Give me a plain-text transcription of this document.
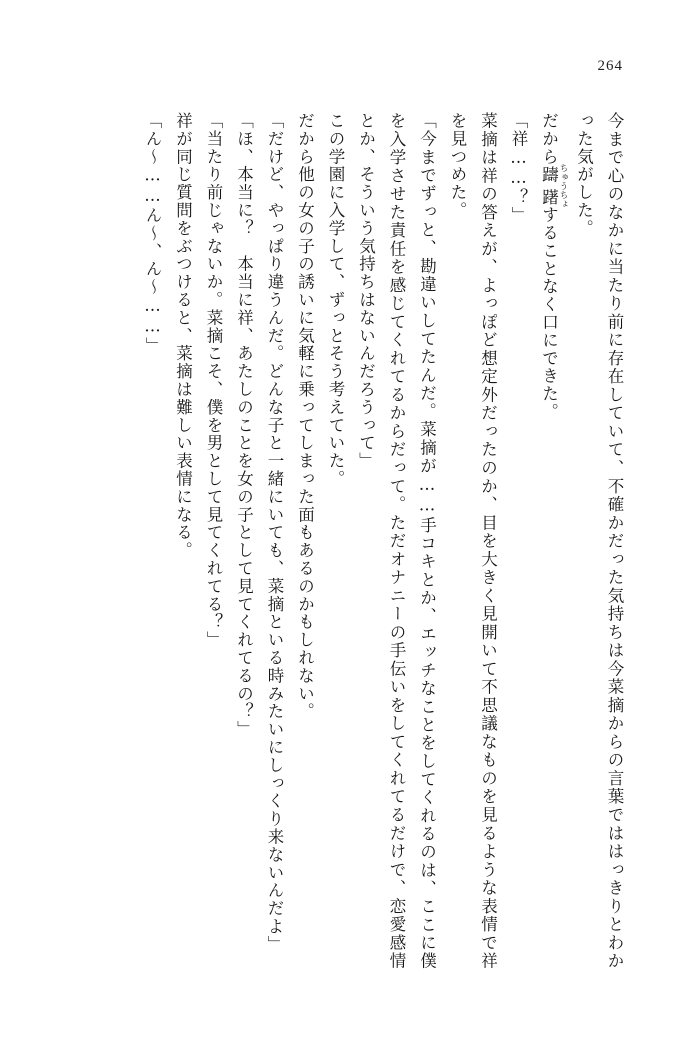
264

今まで心のなかに当たり前に存在していて、不確かだった気持ちは今菜摘からの言葉でははっきりとわかった気がした。

だから躊躇 ちゅうちょすることなく口にできた。

「祥……？」

菜摘は祥の答えが、よっぽど想定外だったのか、目を大きく見開いて不思議なものを見るような表情で祥を見つめた。

「今までずっと、勘違いしてたんだ。菜摘が……手コキとか、エッチなことをしてくれるのは、ここに僕を入学させた責任を感じてくれてるからだって。ただオナニーの手伝いをしてくれてるだけで、恋愛感情とか、そういう気持ちはないんだろうって」

この学園に入学して、ずっとそう考えていた。

だから他の女の子の誘いに気軽に乗ってしまった面もあるのかもしれない。

「だけど、やっぱり違うんだ。どんな子と一緒にいても、菜摘といる時みたいにしっくり来ないんだよ」

「ほ、本当に？　本当に祥、あたしのことを女の子として見てくれてるの？」

「当たり前じゃないか。菜摘こそ、僕を男として見てくれてる？」

祥が同じ質問をぶつけると、菜摘は難しい表情になる。

「ん～……ん～、ん～……」
